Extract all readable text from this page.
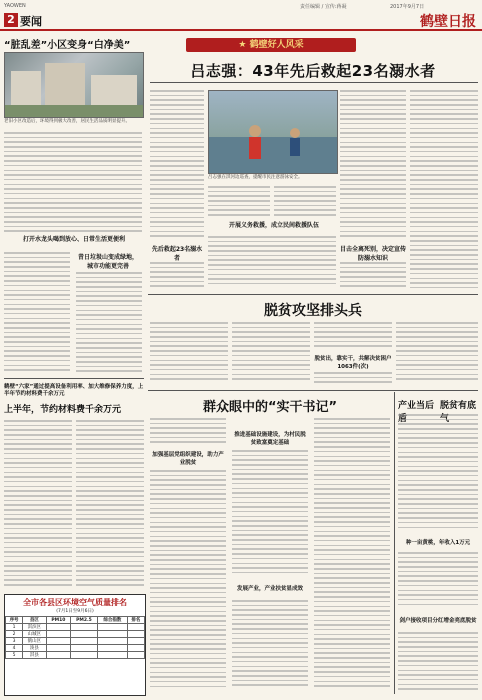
YAOWEN	责任编辑 / 宣传:蒋凝	2017年9月7日
2 要闻	鹤壁日报
“脏乱差”小区变身“白净美”
老旧小区改造后，环境得到极大改善，居民生活品质明显提升。
打开水龙头喝到放心、日常生活更便利
昔日垃圾山变成绿地，城市功能更完善
★ 鹤壁好人风采
吕志强：43年先后救起23名溺水者
吕志强在淇河边巡查，提醒市民注意游泳安全。
先后救起23名溺水者
开展义务救援，成立民间救援队伍
目击全离死别，决定宣传防溺水知识
鹤壁“六家”通过提高设备利用率、加大维修保养力度，上半年节约材料费千余万元
上半年，节约材料费千余万元
全市各县区环境空气质量排名
(7月1日至9月6日)
序号	县区	PM10	PM2.5	综合指数	排名
1	淇滨区				
2	山城区				
3	鹤山区				
4	浚县				
5	淇县				
脱贫攻坚排头兵
脱贫出，靠实干，共解决贫困户1063件(次)
群众眼中的“实干书记”
加强基层党组织建设，助力产业脱贫
推进基础设施建设，为村民脱贫致富奠定基础
发展产业，产业扶贫显成效
产业当后 脱贫有底
种一亩黄桃，年收入1万元
剑户接收项目分红增金亮底脱贫
